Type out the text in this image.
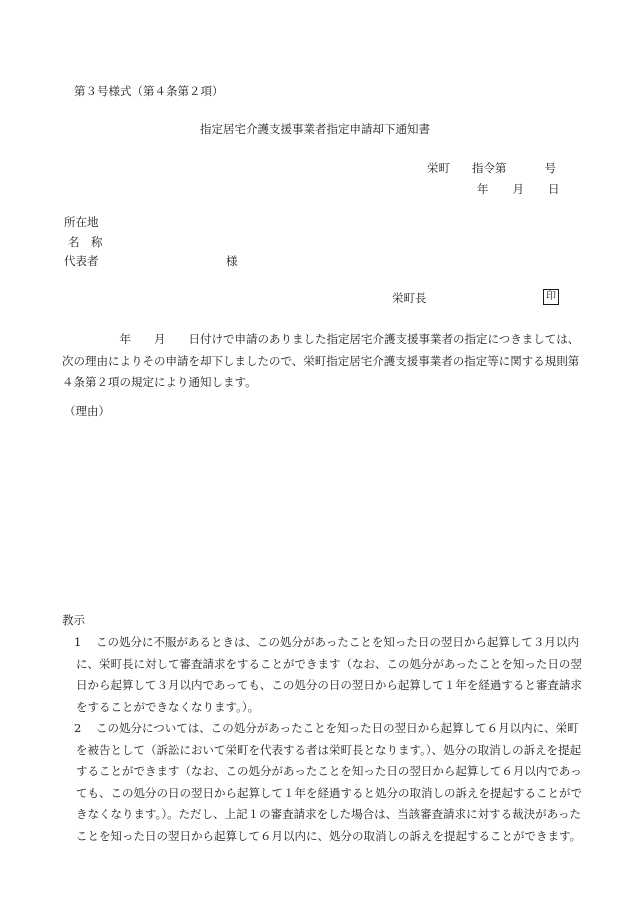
第３号様式（第４条第２項）
指定居宅介護支援事業者指定申請却下通知書
栄町 指令第	号
年 月 日
所在地
名　称
代表者	様
栄町長	印
　　　　　年　　月　　日付けで申請のありました指定居宅介護支援事業者の指定につきましては、次の理由によりその申請を却下しましたので、栄町指定居宅介護支援事業者の指定等に関する規則第４条第２項の規定により通知します。
（理由）
教示
1	この処分に不服があるときは、この処分があったことを知った日の翌日から起算して３月以内に、栄町長に対して審査請求をすることができます（なお、この処分があったことを知った日の翌日から起算して３月以内であっても、この処分の日の翌日から起算して１年を経過すると審査請求をすることができなくなります。）。
2	この処分については、この処分があったことを知った日の翌日から起算して６月以内に、栄町を被告として（訴訟において栄町を代表する者は栄町長となります。）、処分の取消しの訴えを提起することができます（なお、この処分があったことを知った日の翌日から起算して６月以内であっても、この処分の日の翌日から起算して１年を経過すると処分の取消しの訴えを提起することができなくなります。）。ただし、上記１の審査請求をした場合は、当該審査請求に対する裁決があったことを知った日の翌日から起算して６月以内に、処分の取消しの訴えを提起することができます。
